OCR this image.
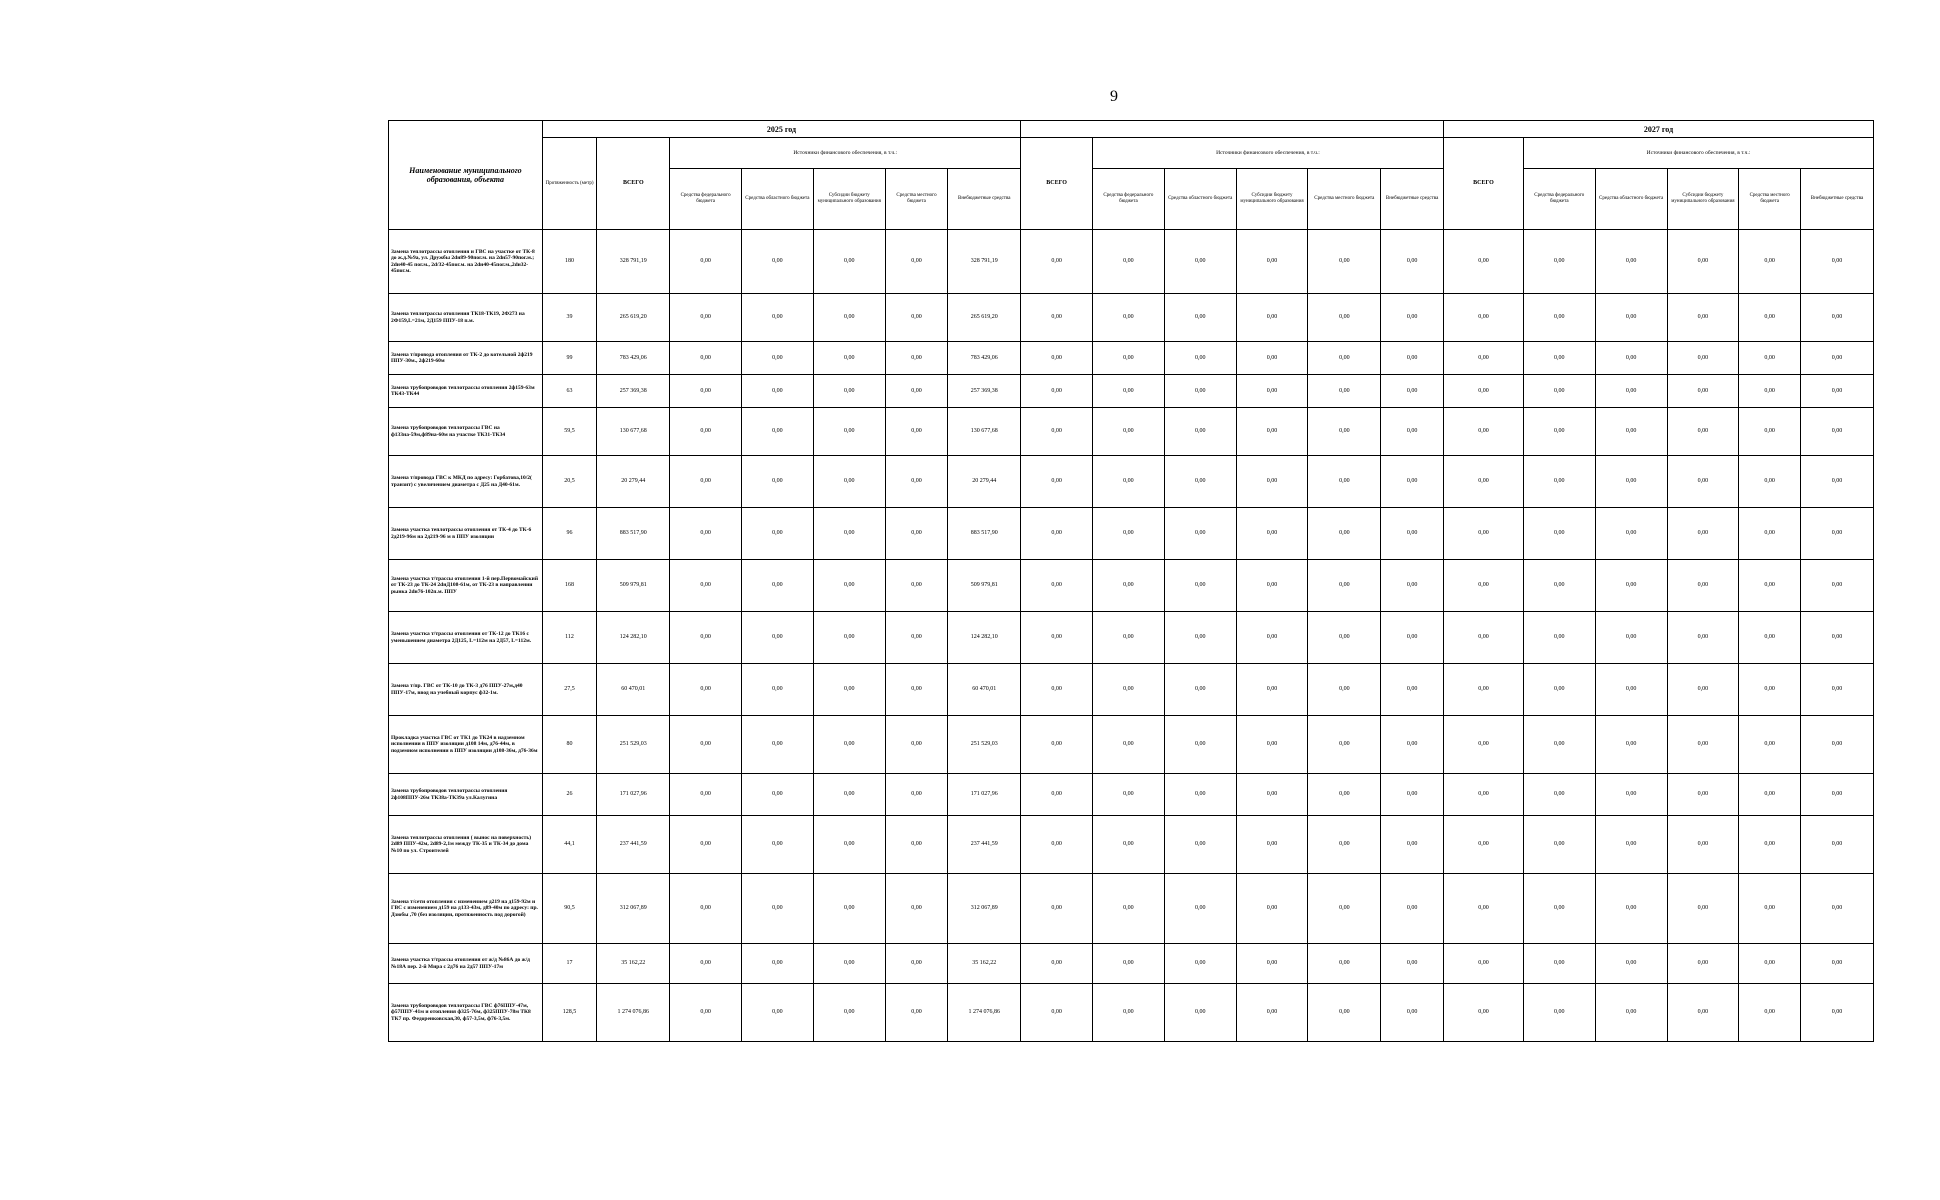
9
Наименование муниципального образования, объекта	2025 год													2027 год					
	Протяженность (метр)	ВСЕГО	Источники финансового обеспечения, в т.ч.:					ВСЕГО	Источники финансового обеспечения, в т.ч.:					ВСЕГО	Источники финансового обеспечения, в т.ч.:				
			Средства федерального бюджета	Средства областного бюджета	Субсидии бюджету муниципального образования	Средства местного бюджета	Внебюджетные средства		Средства федерального бюджета	Средства областного бюджета	Субсидии бюджету муниципального образования	Средства местного бюджета	Внебюджетные средства		Средства федерального бюджета	Средства областного бюджета	Субсидии бюджету муниципального образования	Средства местного бюджета	Внебюджетные средства
Замена теплотрассы отопления и ГВС на участке от ТК-8 до ж.д.№9а, ул. Дружбы 2dн89-90пог.м. на 2dн57-90пог.м.; 2dн40-45 пог.м., 2d/32-45пог.м. на 2dн40-45пог.м.,2dн32-45пог.м.	180	328 791,19	0,00	0,00	0,00	0,00	328 791,19	0,00	0,00	0,00	0,00	0,00	0,00	0,00	0,00	0,00	0,00	0,00	0,00
Замена теплотрассы отопления ТК18-ТК19, 2Ф273 на 2Ф159,L=21м, 2Д159 ППУ-18 п.м.	39	265 619,20	0,00	0,00	0,00	0,00	265 619,20	0,00	0,00	0,00	0,00	0,00	0,00	0,00	0,00	0,00	0,00	0,00	0,00
Замена т/провода отопления от ТК-2 до котельной 2ф219 ППУ-30м., 2ф219-60м	99	783 429,06	0,00	0,00	0,00	0,00	783 429,06	0,00	0,00	0,00	0,00	0,00	0,00	0,00	0,00	0,00	0,00	0,00	0,00
Замена трубопроводов теплотрассы отопления 2ф159-63м ТК43-ТК44	63	257 369,38	0,00	0,00	0,00	0,00	257 369,38	0,00	0,00	0,00	0,00	0,00	0,00	0,00	0,00	0,00	0,00	0,00	0,00
Замена трубопроводов теплотрассы ГВС на ф133на-59м,ф89на-60м на участке ТК31-ТК34	59,5	130 677,68	0,00	0,00	0,00	0,00	130 677,68	0,00	0,00	0,00	0,00	0,00	0,00	0,00	0,00	0,00	0,00	0,00	0,00
Замена т/провода ГВС к МКД по адресу: Горбатова,10/2( транзит) с увеличением диаметра с Д25 на Д40-61м.	20,5	20 279,44	0,00	0,00	0,00	0,00	20 279,44	0,00	0,00	0,00	0,00	0,00	0,00	0,00	0,00	0,00	0,00	0,00	0,00
Замена участка теплотрассы отопления от ТК-4 до ТК-6 2д219-96м на 2д219-96 м в ППУ изоляции	96	883 517,90	0,00	0,00	0,00	0,00	883 517,90	0,00	0,00	0,00	0,00	0,00	0,00	0,00	0,00	0,00	0,00	0,00	0,00
Замена участка т/трассы отопления 1-й пер.Первомайский от ТК-23 до ТК-24 2dнД108-61м, от ТК-23 в направлении рынка 2dн76-102п.м. ППУ	168	509 979,81	0,00	0,00	0,00	0,00	509 979,81	0,00	0,00	0,00	0,00	0,00	0,00	0,00	0,00	0,00	0,00	0,00	0,00
Замена участка т/трассы отопления от ТК-12 до ТК16 с уменьшением диаметра 2Д125, L=112м на 2Д57, L=112м.	112	124 282,10	0,00	0,00	0,00	0,00	124 282,10	0,00	0,00	0,00	0,00	0,00	0,00	0,00	0,00	0,00	0,00	0,00	0,00
Замена т/пр. ГВС от ТК-10 до ТК-3 д76 ППУ-27м,д40 ППУ-17м, ввод на учебный корпус ф32-1м.	27,5	60 470,01	0,00	0,00	0,00	0,00	60 470,01	0,00	0,00	0,00	0,00	0,00	0,00	0,00	0,00	0,00	0,00	0,00	0,00
Прокладка участка ГВС от ТК1 до ТК24 в надземном исполнении в ППУ изоляции д108 14м, д76-44м, в подземном исполнении в ППУ изоляции д108-36м, д76-36м	80	251 529,03	0,00	0,00	0,00	0,00	251 529,03	0,00	0,00	0,00	0,00	0,00	0,00	0,00	0,00	0,00	0,00	0,00	0,00
Замена трубопроводов теплотрассы отопления 2ф108ППУ-26м ТК38а-ТК39а ул.Калугина	26	171 027,96	0,00	0,00	0,00	0,00	171 027,96	0,00	0,00	0,00	0,00	0,00	0,00	0,00	0,00	0,00	0,00	0,00	0,00
Замена теплотрассы отопления ( вынос на поверхность) 2d89 ППУ-42м, 2d89-2,1м между ТК-35 и ТК-34 до дома №10 по ул. Строителей	44,1	237 441,59	0,00	0,00	0,00	0,00	237 441,59	0,00	0,00	0,00	0,00	0,00	0,00	0,00	0,00	0,00	0,00	0,00	0,00
Замена т/сети отопления с изменением д219 на д159-92м и ГВС с изменением д159 на д133-43м, д89-40м по адресу: пр. Дзюбы ,70 (без изоляции, протяженность под дорогой)	90,5	312 067,89	0,00	0,00	0,00	0,00	312 067,89	0,00	0,00	0,00	0,00	0,00	0,00	0,00	0,00	0,00	0,00	0,00	0,00
Замена участка т/трассы отопления от ж/д №86А до ж/д №18А пер. 2-й Мира с 2д76 на 2д57 ППУ-17м	17	35 162,22	0,00	0,00	0,00	0,00	35 162,22	0,00	0,00	0,00	0,00	0,00	0,00	0,00	0,00	0,00	0,00	0,00	0,00
Замена трубопроводов теплотрассы ГВС ф76ППУ-47м, ф57ППУ-41м и отопления ф325-76м, ф325ППУ-78м ТК8 ТК7 пр. Федоренковская,30, ф57-3,5м, ф76-3,5м.	128,5	1 274 076,86	0,00	0,00	0,00	0,00	1 274 076,86	0,00	0,00	0,00	0,00	0,00	0,00	0,00	0,00	0,00	0,00	0,00	0,00
